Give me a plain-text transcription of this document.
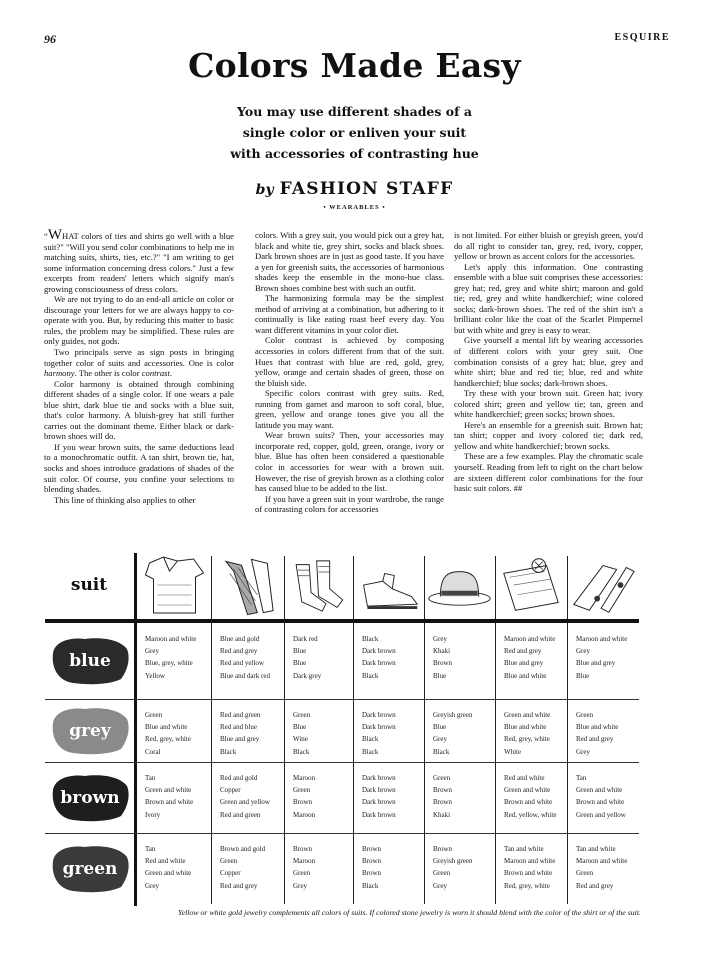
96	ESQUIRE
Colors Made Easy
You may use different shades of a
single color or enliven your suit
with accessories of contrasting hue
by FASHION STAFF
• WEARABLES •

“WHAT colors of ties and shirts go well with a blue suit?" "Will you send color combinations to help me in matching suits, shirts, ties, etc.?" "I am writing to get some information concerning dress colors." Just a few excerpts from readers' letters which signify man's growing consciousness of dress colors.

We are not trying to do an end-all article on color or discourage your letters for we are always happy to co-operate with you. But, by reducing this matter to basic rules, the problem may be simplified. These rules are only guides, not gods.

Two principals serve as sign posts in bringing together color of suits and accessories. One is color harmony. The other is color contrast.

Color harmony is obtained through combining different shades of a single color. If one wears a pale blue shirt, dark blue tie and socks with a blue suit, that's color harmony. A bluish-grey hat still further carries out the dominant theme. Either black or dark-brown shoes will do.

If you wear brown suits, the same deductions lead to a monochromatic outfit. A tan shirt, brown tie, hat, socks and shoes introduce gradations of shades of the suit color. Of course, you confine your selections to blending shades.

This line of thinking also applies to other

colors. With a grey suit, you would pick out a grey hat, black and white tie, grey shirt, socks and black shoes. Dark brown shoes are in just as good taste. If you have a yen for greenish suits, the accessories of harmonious shades keep the ensemble in the mono-hue class. Brown shoes combine best with such an outfit.

The harmonizing formula may be the simplest method of arriving at a combination, but adhering to it continually is like eating roast beef every day. You want different vitamins in your color diet.

Color contrast is achieved by composing accessories in colors different from that of the suit. Hues that contrast with blue are red, gold, grey, yellow, orange and certain shades of green, those on the bluish side.

Specific colors contrast with grey suits. Red, running from garnet and maroon to soft coral, blue, green, yellow and orange tones give you all the latitude you may want.

Wear brown suits? Then, your accessories may incorporate red, copper, gold, green, orange, ivory or blue. Blue has often been considered a questionable color in accessories for wear with a brown suit. However, the rise of greyish brown as a clothing color has caused blue to be added to the list.

If you have a green suit in your wardrobe, the range of contrasting colors for accessories

is not limited. For either bluish or greyish green, you'd do all right to consider tan, grey, red, ivory, copper, yellow or brown as accent colors for the accessories.

Let's apply this information. One contrasting ensemble with a blue suit comprises these accessories: grey hat; red, grey and white shirt; maroon and gold tie; red, grey and white handkerchief; wine colored socks; dark-brown shoes. The red of the shirt isn't a brilliant color like the coat of the Scarlet Pimpernel but with white and grey is easy to wear.

Give yourself a mental lift by wearing accessories of different colors with your grey suit. One combination consists of a grey hat; blue, grey and white shirt; blue and red tie; blue, red and white handkerchief; blue socks; dark-brown shoes.

Try these with your brown suit. Green hat; ivory colored shirt; green and yellow tie; tan, green and white handkerchief; green socks; brown shoes.

Here's an ensemble for a greenish suit. Brown hat; tan shirt; copper and ivory colored tie; dark red, yellow and white handkerchief; brown socks.

These are a few examples. Play the chromatic scale yourself. Reading from left to right on the chart below are sixteen different color combinations for the four basic suit colors. ##

suit
blue
Maroon and white
Grey
Blue, grey, white
Yellow
Blue and gold
Red and grey
Red and yellow
Blue and dark red
Dark red
Blue
Blue
Dark grey
Black
Dark brown
Dark brown
Black
Grey
Khaki
Brown
Blue
Maroon and white
Red and grey
Blue and grey
Blue and white
Maroon and white
Grey
Blue and grey
Blue
grey
Green
Blue and white
Red, grey, white
Coral
Red and green
Red and blue
Blue and grey
Black
Green
Blue
Wine
Black
Dark brown
Dark brown
Black
Black
Greyish green
Blue
Grey
Black
Green and white
Blue and white
Red, grey, white
White
Green
Blue and white
Red and grey
Grey
brown
Tan
Green and white
Brown and white
Ivory
Red and gold
Copper
Green and yellow
Red and green
Maroon
Green
Brown
Maroon
Dark brown
Dark brown
Dark brown
Dark brown
Green
Brown
Brown
Khaki
Red and white
Green and white
Brown and white
Red, yellow, white
Tan
Green and white
Brown and white
Green and yellow
green
Tan
Red and white
Green and white
Grey
Brown and gold
Green
Copper
Red and grey
Brown
Maroon
Green
Grey
Brown
Brown
Brown
Black
Brown
Greyish green
Green
Grey
Tan and white
Maroon and white
Brown and white
Red, grey, white
Tan and white
Maroon and white
Green
Red and grey
Yellow or white gold jewelry complements all colors of suits. If colored stone jewelry is worn it should blend with the color of the shirt or of the suit.
